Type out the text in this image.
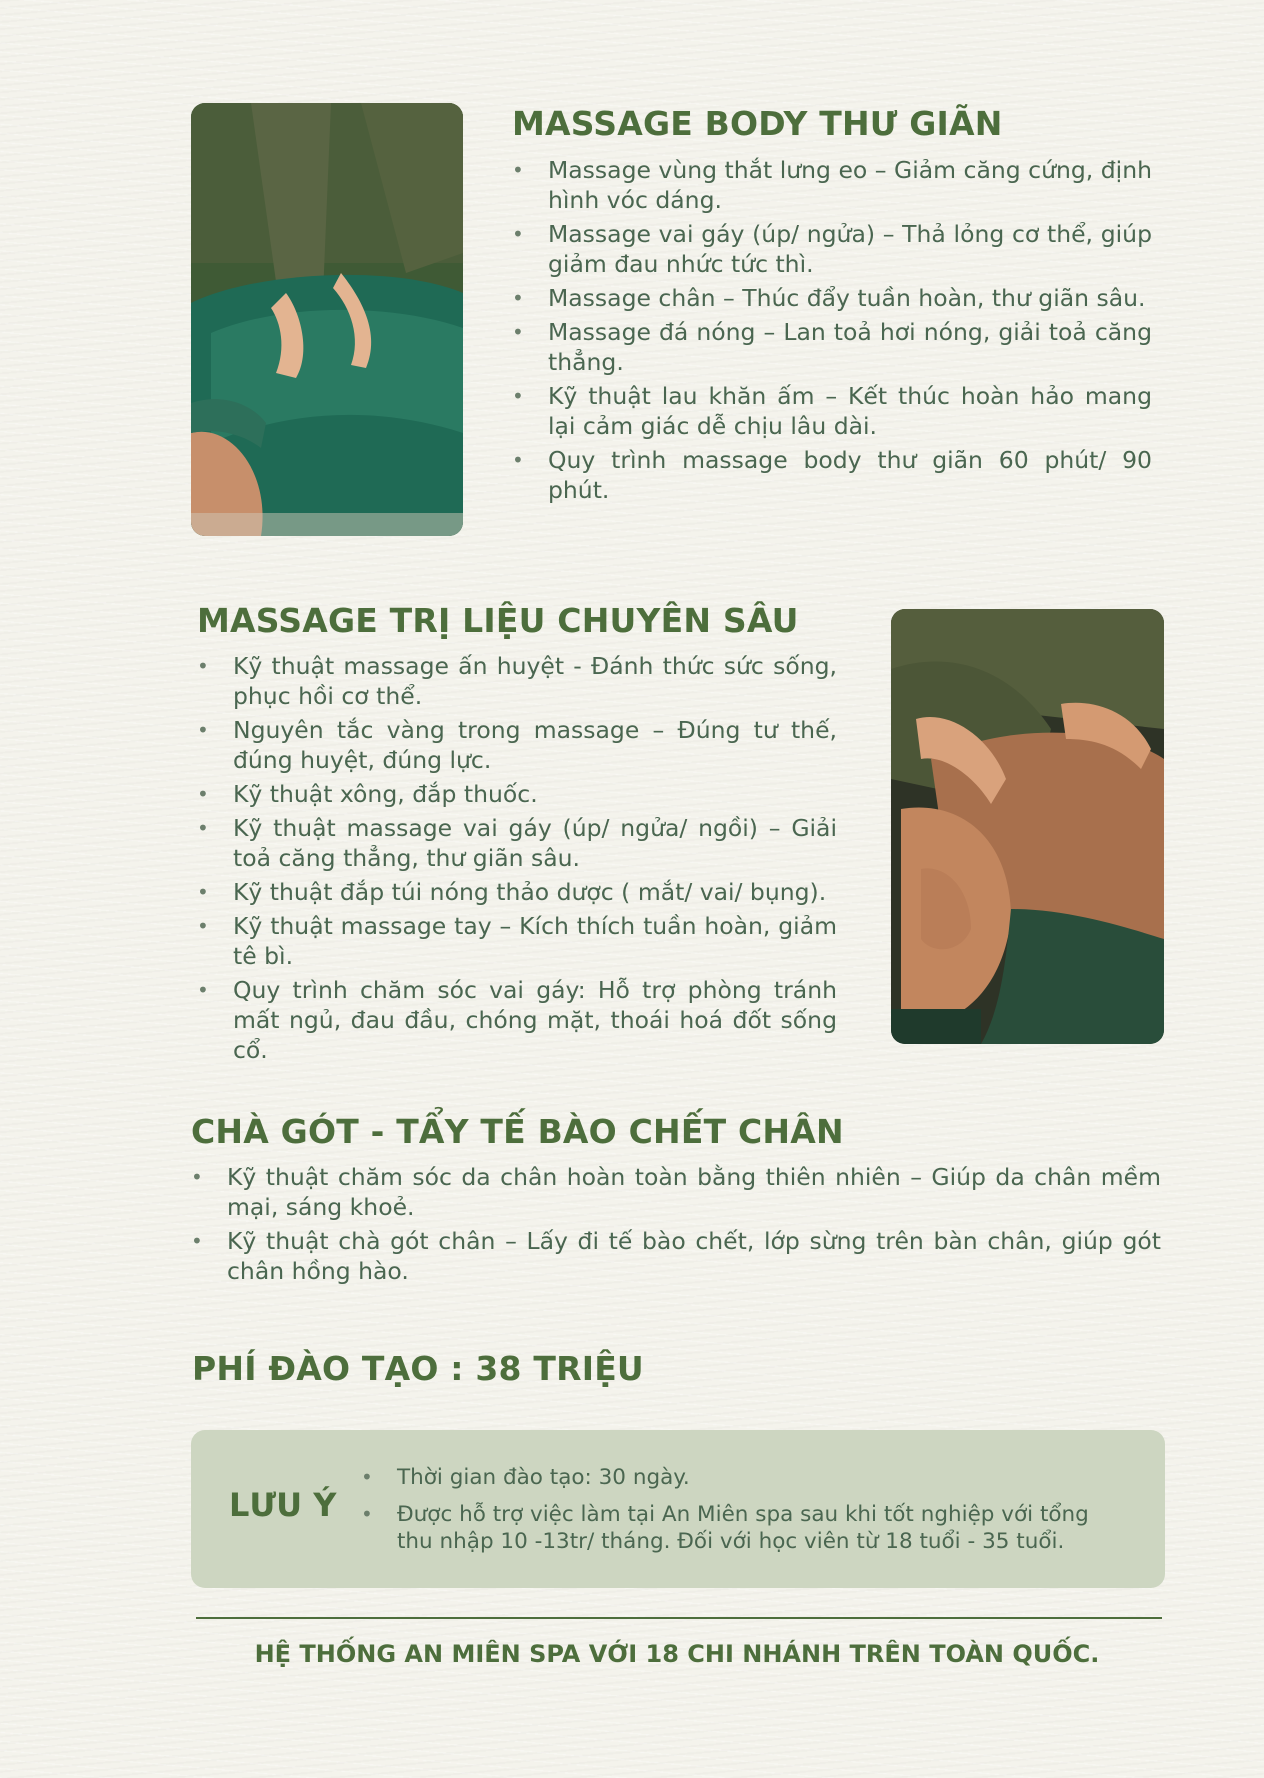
MASSAGE BODY THƯ GIÃN
• Massage vùng thắt lưng eo – Giảm căng cứng, định hình vóc dáng.
• Massage vai gáy (úp/ ngửa) – Thả lỏng cơ thể, giúp giảm đau nhức tức thì.
• Massage chân – Thúc đẩy tuần hoàn, thư giãn sâu.
• Massage đá nóng – Lan toả hơi nóng, giải toả căng thẳng.
• Kỹ thuật lau khăn ấm – Kết thúc hoàn hảo mang lại cảm giác dễ chịu lâu dài.
• Quy trình massage body thư giãn 60 phút/ 90 phút.
MASSAGE TRỊ LIỆU CHUYÊN SÂU
• Kỹ thuật massage ấn huyệt - Đánh thức sức sống, phục hồi cơ thể.
• Nguyên tắc vàng trong massage – Đúng tư thế, đúng huyệt, đúng lực.
• Kỹ thuật xông, đắp thuốc.
• Kỹ thuật massage vai gáy (úp/ ngửa/ ngồi) – Giải toả căng thẳng, thư giãn sâu.
• Kỹ thuật đắp túi nóng thảo dược ( mắt/ vai/ bụng).
• Kỹ thuật massage tay – Kích thích tuần hoàn, giảm tê bì.
• Quy trình chăm sóc vai gáy: Hỗ trợ phòng tránh mất ngủ, đau đầu, chóng mặt, thoái hoá đốt sống cổ.
CHÀ GÓT - TẨY TẾ BÀO CHẾT CHÂN
• Kỹ thuật chăm sóc da chân hoàn toàn bằng thiên nhiên – Giúp da chân mềm mại, sáng khoẻ.
• Kỹ thuật chà gót chân – Lấy đi tế bào chết, lớp sừng trên bàn chân, giúp gót chân hồng hào.
PHÍ ĐÀO TẠO : 38 TRIỆU
LƯU Ý
• Thời gian đào tạo: 30 ngày.
• Được hỗ trợ việc làm tại An Miên spa sau khi tốt nghiệp với tổng thu nhập 10 -13tr/ tháng. Đối với học viên từ 18 tuổi - 35 tuổi.
HỆ THỐNG AN MIÊN SPA VỚI 18 CHI NHÁNH TRÊN TOÀN QUỐC.
